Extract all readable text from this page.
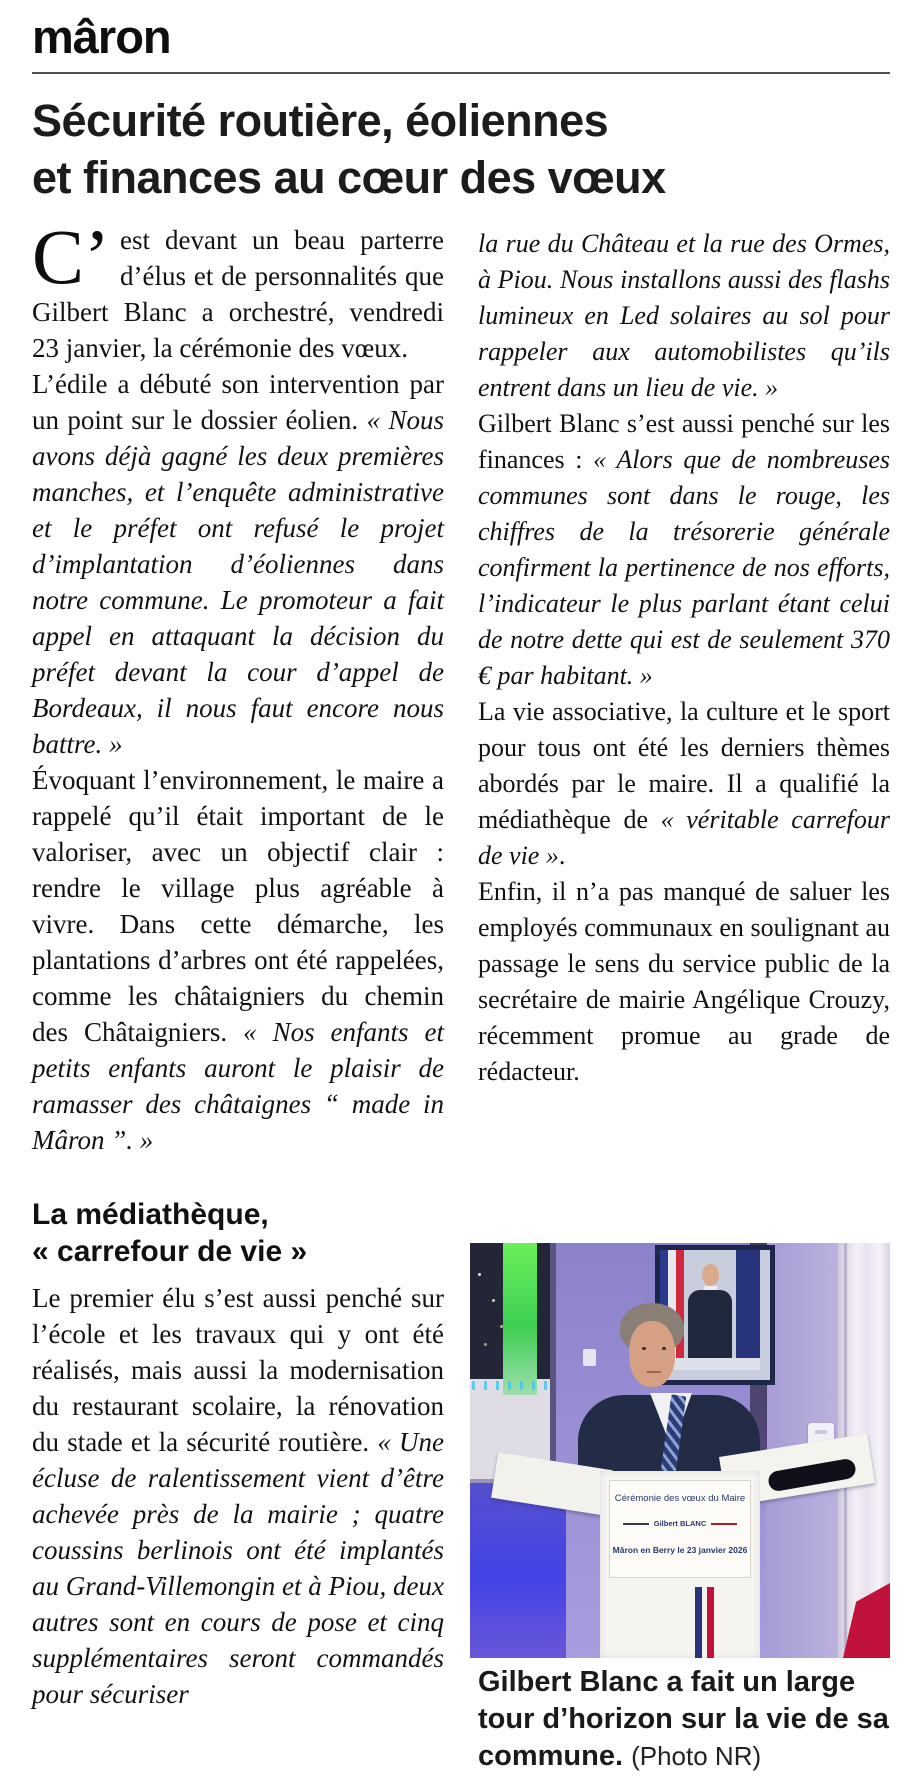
mâron
Sécurité routière, éoliennes
et finances au cœur des vœux

C’ est devant un beau parterre d’élus et de personnalités que Gilbert Blanc a orchestré, vendredi 23 janvier, la cérémonie des vœux.

L’édile a débuté son intervention par un point sur le dossier éolien. « Nous avons déjà gagné les deux premières manches, et l’enquête administrative et le préfet ont refusé le projet d’implantation d’éoliennes dans notre commune. Le promoteur a fait appel en attaquant la décision du préfet devant la cour d’appel de Bordeaux, il nous faut encore nous battre. »

Évoquant l’environnement, le maire a rappelé qu’il était important de le valoriser, avec un objectif clair : rendre le village plus agréable à vivre. Dans cette démarche, les plantations d’arbres ont été rappelées, comme les châtaigniers du chemin des Châtaigniers. « Nos enfants et petits enfants auront le plaisir de ramasser des châtaignes “ made in Mâron ”. »

La médiathèque,
« carrefour de vie »

Le premier élu s’est aussi penché sur l’école et les travaux qui y ont été réalisés, mais aussi la modernisation du restaurant scolaire, la rénovation du stade et la sécurité routière. « Une écluse de ralentissement vient d’être achevée près de la mairie ; quatre coussins berlinois ont été implantés au Grand-Villemongin et à Piou, deux autres sont en cours de pose et cinq supplémentaires seront commandés pour sécuriser

la rue du Château et la rue des Ormes, à Piou. Nous installons aussi des flashs lumineux en Led solaires au sol pour rappeler aux automobilistes qu’ils entrent dans un lieu de vie. »

Gilbert Blanc s’est aussi penché sur les finances : « Alors que de nombreuses communes sont dans le rouge, les chiffres de la trésorerie générale confirment la pertinence de nos efforts, l’indicateur le plus parlant étant celui de notre dette qui est de seulement 370 € par habitant. »

La vie associative, la culture et le sport pour tous ont été les derniers thèmes abordés par le maire. Il a qualifié la médiathèque de « véritable carrefour de vie ».

Enfin, il n’a pas manqué de saluer les employés communaux en soulignant au passage le sens du service public de la secrétaire de mairie Angélique Crouzy, récemment promue au grade de rédacteur.

Cérémonie des vœux du Maire
Gilbert BLANC
Mâron en Berry le 23 janvier 2026

Gilbert Blanc a fait un large tour d’horizon sur la vie de sa commune. (Photo NR)
